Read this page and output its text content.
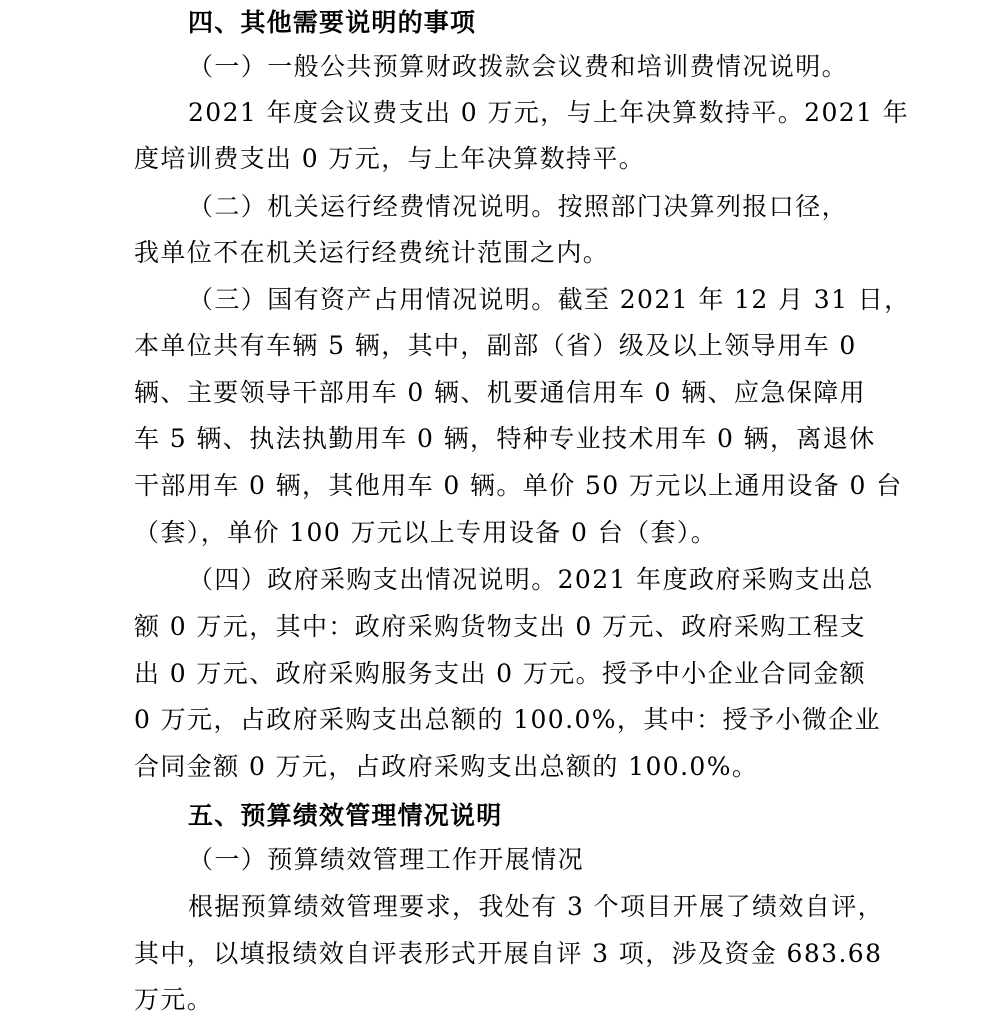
四、其他需要说明的事项
（一）一般公共预算财政拨款会议费和培训费情况说明。
2021 年度会议费支出 0 万元，与上年决算数持平。2021 年
度培训费支出 0 万元，与上年决算数持平。
（二）机关运行经费情况说明。按照部门决算列报口径，
我单位不在机关运行经费统计范围之内。
（三）国有资产占用情况说明。截至 2021 年 12 月 31 日，
本单位共有车辆 5 辆，其中，副部（省）级及以上领导用车 0
辆、主要领导干部用车 0 辆、机要通信用车 0 辆、应急保障用
车 5 辆、执法执勤用车 0 辆，特种专业技术用车 0 辆，离退休
干部用车 0 辆，其他用车 0 辆。单价 50 万元以上通用设备 0 台
（套），单价 100 万元以上专用设备 0 台（套）。
（四）政府采购支出情况说明。2021 年度政府采购支出总
额 0 万元，其中：政府采购货物支出 0 万元、政府采购工程支
出 0 万元、政府采购服务支出 0 万元。授予中小企业合同金额
0 万元，占政府采购支出总额的 100.0%，其中：授予小微企业
合同金额 0 万元，占政府采购支出总额的 100.0%。
五、预算绩效管理情况说明
（一）预算绩效管理工作开展情况
根据预算绩效管理要求，我处有 3 个项目开展了绩效自评，
其中，以填报绩效自评表形式开展自评 3 项，涉及资金 683.68
万元。
